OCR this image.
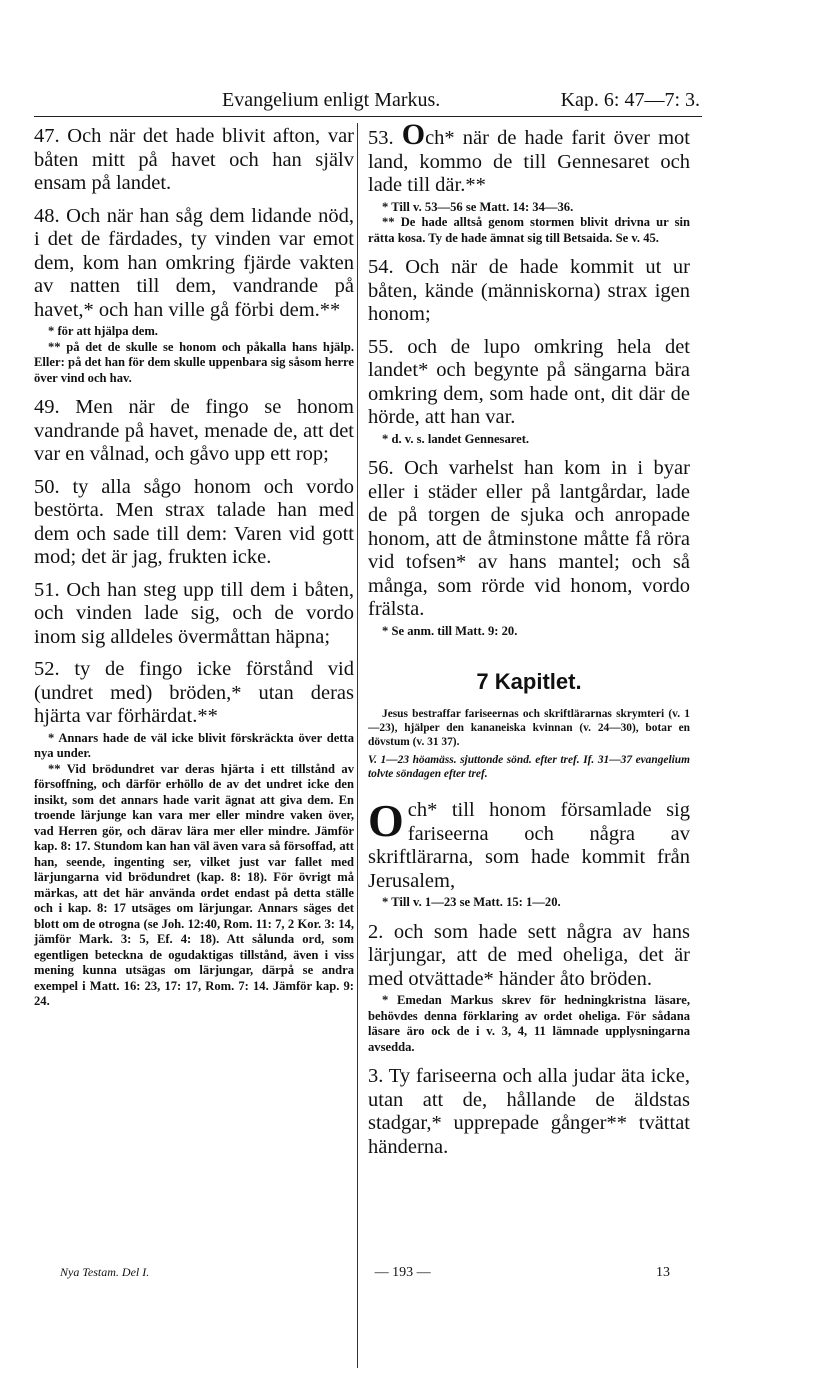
Evangelium enligt Markus.	Kap. 6: 47—7: 3.

47. Och när det hade blivit afton, var båten mitt på havet och han själv ensam på landet.

48. Och när han såg dem lidande nöd, i det de färdades, ty vinden var emot dem, kom han omkring fjärde vakten av natten till dem, vandrande på havet,* och han ville gå förbi dem.**

* för att hjälpa dem.

** på det de skulle se honom och påkalla hans hjälp. Eller: på det han för dem skulle uppenbara sig såsom herre över vind och hav.

49. Men när de fingo se honom vandrande på havet, menade de, att det var en vålnad, och gåvo upp ett rop;

50. ty alla sågo honom och vordo bestörta. Men strax talade han med dem och sade till dem: Varen vid gott mod; det är jag, frukten icke.

51. Och han steg upp till dem i båten, och vinden lade sig, och de vordo inom sig alldeles övermåttan häpna;

52. ty de fingo icke förstånd vid (undret med) bröden,* utan deras hjärta var förhärdat.**

* Annars hade de väl icke blivit förskräckta över detta nya under.

** Vid brödundret var deras hjärta i ett tillstånd av försoffning, och därför erhöllo de av det undret icke den insikt, som det annars hade varit ägnat att giva dem. En troende lärjunge kan vara mer eller mindre vaken över, vad Herren gör, och därav lära mer eller mindre. Jämför kap. 8: 17. Stundom kan han väl även vara så försoffad, att han, seende, ingenting ser, vilket just var fallet med lärjungarna vid brödundret (kap. 8: 18). För övrigt må märkas, att det här använda ordet endast på detta ställe och i kap. 8: 17 utsäges om lärjungar. Annars säges det blott om de otrogna (se Joh. 12:40, Rom. 11: 7, 2 Kor. 3: 14, jämför Mark. 3: 5, Ef. 4: 18). Att sålunda ord, som egentligen beteckna de ogudaktigas tillstånd, även i viss mening kunna utsägas om lärjungar, därpå se andra exempel i Matt. 16: 23, 17: 17, Rom. 7: 14. Jämför kap. 9: 24.

53. Och* när de hade farit över mot land, kommo de till Gennesaret och lade till där.**

* Till v. 53—56 se Matt. 14: 34—36.

** De hade alltså genom stormen blivit drivna ur sin rätta kosa. Ty de hade ämnat sig till Betsaida. Se v. 45.

54. Och när de hade kommit ut ur båten, kände (människorna) strax igen honom;

55. och de lupo omkring hela det landet* och begynte på sängarna bära omkring dem, som hade ont, dit där de hörde, att han var.

* d. v. s. landet Gennesaret.

56. Och varhelst han kom in i byar eller i städer eller på lantgårdar, lade de på torgen de sjuka och anropade honom, att de åtminstone måtte få röra vid tofsen* av hans mantel; och så många, som rörde vid honom, vordo frälsta.

* Se anm. till Matt. 9: 20.

7 Kapitlet.

Jesus bestraffar fariseernas och skriftlärarnas skrymteri (v. 1—23), hjälper den kananeiska kvinnan (v. 24—30), botar en dövstum (v. 31 37).

V. 1—23 höamäss. sjuttonde sönd. efter tref. If. 31—37 evangelium tolvte söndagen efter tref.

Och* till honom församlade sig fariseerna och några av skriftlärarna, som hade kommit från Jerusalem,

* Till v. 1—23 se Matt. 15: 1—20.

2. och som hade sett några av hans lärjungar, att de med oheliga, det är med otvättade* händer åto bröden.

* Emedan Markus skrev för hedningkristna läsare, behövdes denna förklaring av ordet oheliga. För sådana läsare äro ock de i v. 3, 4, 11 lämnade upplysningarna avsedda.

3. Ty fariseerna och alla judar äta icke, utan att de, hållande de äldstas stadgar,* upprepade gånger** tvättat händerna.

Nya Testam. Del I.	— 193 —	13
